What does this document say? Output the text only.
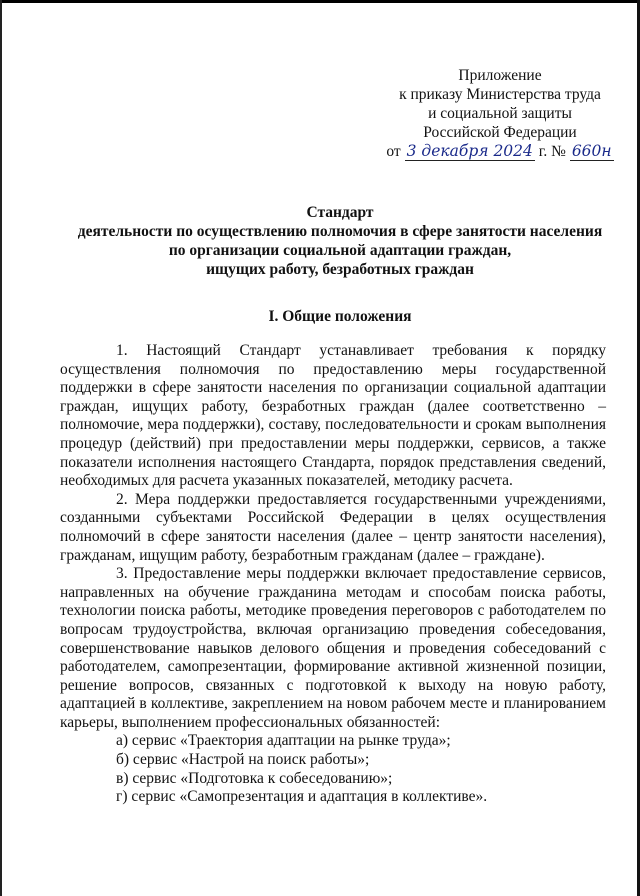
Приложение
к приказу Министерства труда
и социальной защиты
Российской Федерации
от 3 декабря 2024 г. № 660н
Стандарт
деятельности по осуществлению полномочия в сфере занятости населения
по организации социальной адаптации граждан,
ищущих работу, безработных граждан
I. Общие положения

1. Настоящий Стандарт устанавливает требования к порядку осуществления полномочия по предоставлению меры государственной поддержки в сфере занятости населения по организации социальной адаптации граждан, ищущих работу, безработных граждан (далее соответственно – полномочие, мера поддержки), составу, последовательности и срокам выполнения процедур (действий) при предоставлении меры поддержки, сервисов, а также показатели исполнения настоящего Стандарта, порядок представления сведений, необходимых для расчета указанных показателей, методику расчета.

2. Мера поддержки предоставляется государственными учреждениями, созданными субъектами Российской Федерации в целях осуществления полномочий в сфере занятости населения (далее – центр занятости населения), гражданам, ищущим работу, безработным гражданам (далее – граждане).

3. Предоставление меры поддержки включает предоставление сервисов, направленных на обучение гражданина методам и способам поиска работы, технологии поиска работы, методике проведения переговоров с работодателем по вопросам трудоустройства, включая организацию проведения собеседования, совершенствование навыков делового общения и проведения собеседований с работодателем, самопрезентации, формирование активной жизненной позиции, решение вопросов, связанных с подготовкой к выходу на новую работу, адаптацией в коллективе, закреплением на новом рабочем месте и планированием карьеры, выполнением профессиональных обязанностей:

а) сервис «Траектория адаптации на рынке труда»;

б) сервис «Настрой на поиск работы»;

в) сервис «Подготовка к собеседованию»;

г) сервис «Самопрезентация и адаптация в коллективе».
